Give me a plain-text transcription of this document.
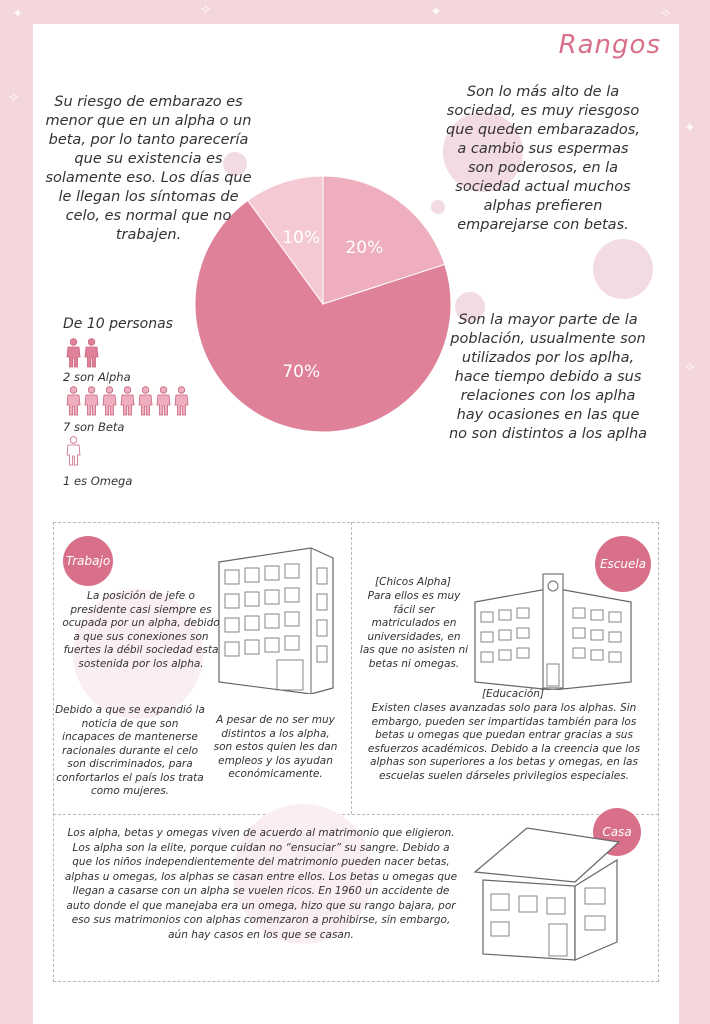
✦	✧	✦	✧
✧
✦
✧
Rangos
20%
70%
10%

Su riesgo de embarazo es menor que en un alpha o un beta, por lo tanto parecería que su existencia es solamente eso. Los días que le llegan los síntomas de celo, es normal que no trabajen.

Son lo más alto de la sociedad, es muy riesgoso que queden embarazados, a cambio sus espermas son poderosos, en la sociedad actual muchos alphas prefieren emparejarse con betas.

Son la mayor parte de la población, usualmente son utilizados por los aplha, hace tiempo debido a sus relaciones con los aplha hay ocasiones en las que no son distintos a los aplha

De 10 personas
2 son Alpha
7 son Beta
1 es Omega
Trabajo

La posición de jefe o presidente casi siempre es ocupada por un alpha, debido a que sus conexiones son fuertes la débil sociedad esta sostenida por los alpha.

Debido a que se expandió la noticia de que son incapaces de mantenerse racionales durante el celo son discriminados, para confortarlos el país los trata como mujeres.

A pesar de no ser muy distintos a los alpha, son estos quien les dan empleos y los ayudan económicamente.

Escuela

[Chicos Alpha]

Para ellos es muy fácil ser matriculados en universidades, en las que no asisten ni betas ni omegas.

[Educación]

Existen clases avanzadas solo para los alphas. Sin embargo, pueden ser impartidas también para los betas u omegas que puedan entrar gracias a sus esfuerzos académicos. Debido a la creencia que los alphas son superiores a los betas y omegas, en las escuelas suelen dárseles privilegios especiales.

Casa

Los alpha, betas y omegas viven de acuerdo al matrimonio que eligieron. Los alpha son la elite, porque cuidan no “ensuciar” su sangre. Debido a que los niños independientemente del matrimonio pueden nacer betas, alphas u omegas, los alphas se casan entre ellos. Los betas u omegas que llegan a casarse con un alpha se vuelen ricos. En 1960 un accidente de auto donde el que manejaba era un omega, hizo que su rango bajara, por eso sus matrimonios con alphas comenzaron a prohibirse, sin embargo, aún hay casos en los que se casan.
